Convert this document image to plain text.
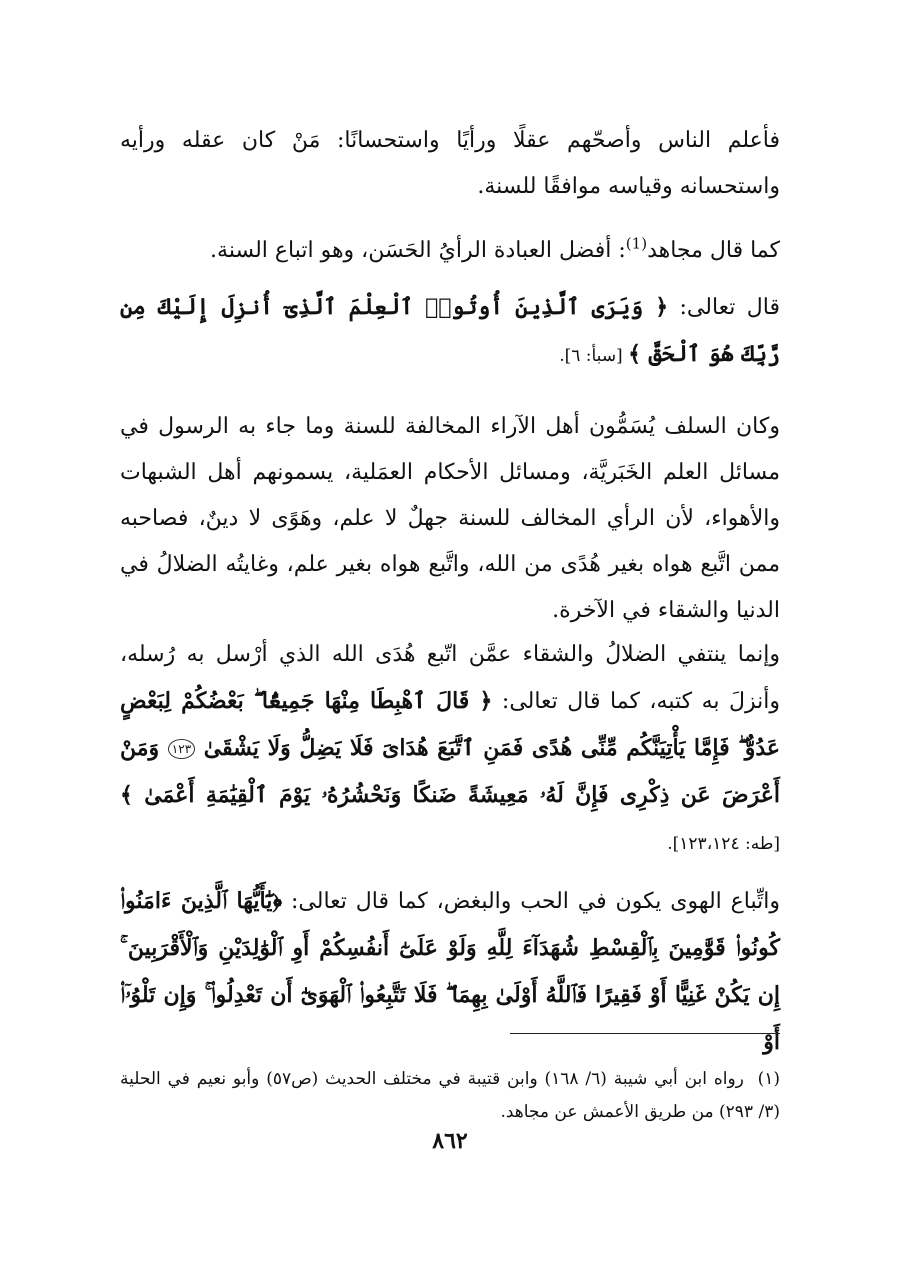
فأعلم الناس وأصحّهم عقلًا ورأيًا واستحسانًا: مَنْ كان عقله ورأيه واستحسانه وقياسه موافقًا للسنة.

كما قال مجاهد$^{(1)}$: أفضل العبادة الرأيُ الحَسَن، وهو اتباع السنة.

قال تعالى: ﴿ وَيَرَى ٱلَّذِينَ أُوتُوا۟ ٱلْعِلْمَ ٱلَّذِىٓ أُنزِلَ إِلَيْكَ مِن رَّبِّكَ هُوَ ٱلْحَقَّ ﴾ [سبأ: ٦].

وكان السلف يُسَمُّون أهل الآراء المخالفة للسنة وما جاء به الرسول في مسائل العلم الخَبَريَّة، ومسائل الأحكام العمَلية، يسمونهم أهل الشبهات والأهواء، لأن الرأي المخالف للسنة جهلٌ لا علم، وهَوًى لا دينٌ، فصاحبه ممن اتَّبع هواه بغير هُدًى من الله، واتَّبع هواه بغير علم، وغايتُه الضلالُ في الدنيا والشقاء في الآخرة.

وإنما ينتفي الضلالُ والشقاء عمَّن اتّبع هُدَى الله الذي أرْسل به رُسله، وأنزلَ به كتبه، كما قال تعالى: ﴿ قَالَ ٱهْبِطَا مِنْهَا جَمِيعًۢا ۖ بَعْضُكُمْ لِبَعْضٍ عَدُوٌّ ۖ فَإِمَّا يَأْتِيَنَّكُم مِّنِّى هُدًى فَمَنِ ٱتَّبَعَ هُدَاىَ فَلَا يَضِلُّ وَلَا يَشْقَىٰ ١٢٣ وَمَنْ أَعْرَضَ عَن ذِكْرِى فَإِنَّ لَهُۥ مَعِيشَةً ضَنكًا وَنَحْشُرُهُۥ يَوْمَ ٱلْقِيَٰمَةِ أَعْمَىٰ ﴾ [طه: ١٢٣،١٢٤].

واتِّباع الهوى يكون في الحب والبغض، كما قال تعالى: ﴿يَٰٓأَيُّهَا ٱلَّذِينَ ءَامَنُوا۟ كُونُوا۟ قَوَّٰمِينَ بِٱلْقِسْطِ شُهَدَآءَ لِلَّهِ وَلَوْ عَلَىٰٓ أَنفُسِكُمْ أَوِ ٱلْوَٰلِدَيْنِ وَٱلْأَقْرَبِينَ ۚ إِن يَكُنْ غَنِيًّا أَوْ فَقِيرًا فَٱللَّهُ أَوْلَىٰ بِهِمَا ۖ فَلَا تَتَّبِعُوا۟ ٱلْهَوَىٰٓ أَن تَعْدِلُوا۟ ۚ وَإِن تَلْوُۥٓا۟ أَوْ

(١)  رواه ابن أبي شيبة (٦/ ١٦٨) وابن قتيبة في مختلف الحديث (ص٥٧) وأبو نعيم في الحلية (٣/ ٢٩٣) من طريق الأعمش عن مجاهد.

٨٦٢
